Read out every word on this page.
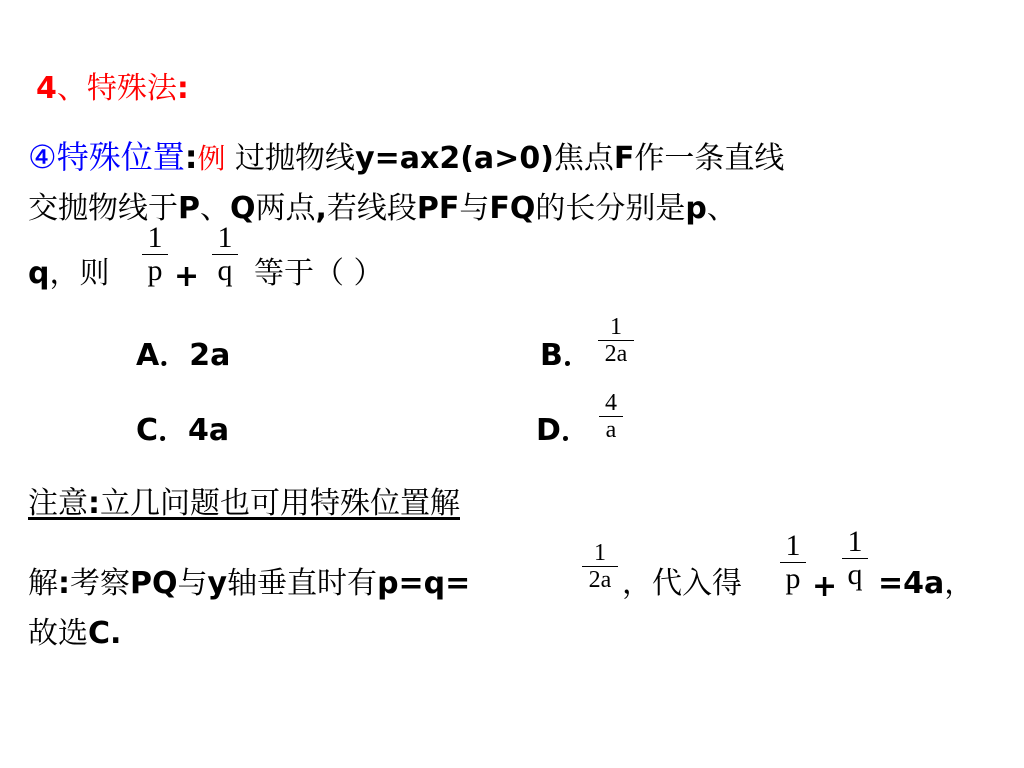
4、特殊法:
④特殊位置:例 过抛物线y=ax2(a>0)焦点F作一条直线
交抛物线于P、Q两点,若线段PF与FQ的长分别是p、
q，则
1
p +
1
q 等于（ ）
A．2a	B．
1
2a
C．4a	D．
4
a
注意:立几问题也可用特殊位置解
解:考察PQ与y轴垂直时有p=q=
1
2a ，代入得
1
p +
1
q =4a，
故选C.
